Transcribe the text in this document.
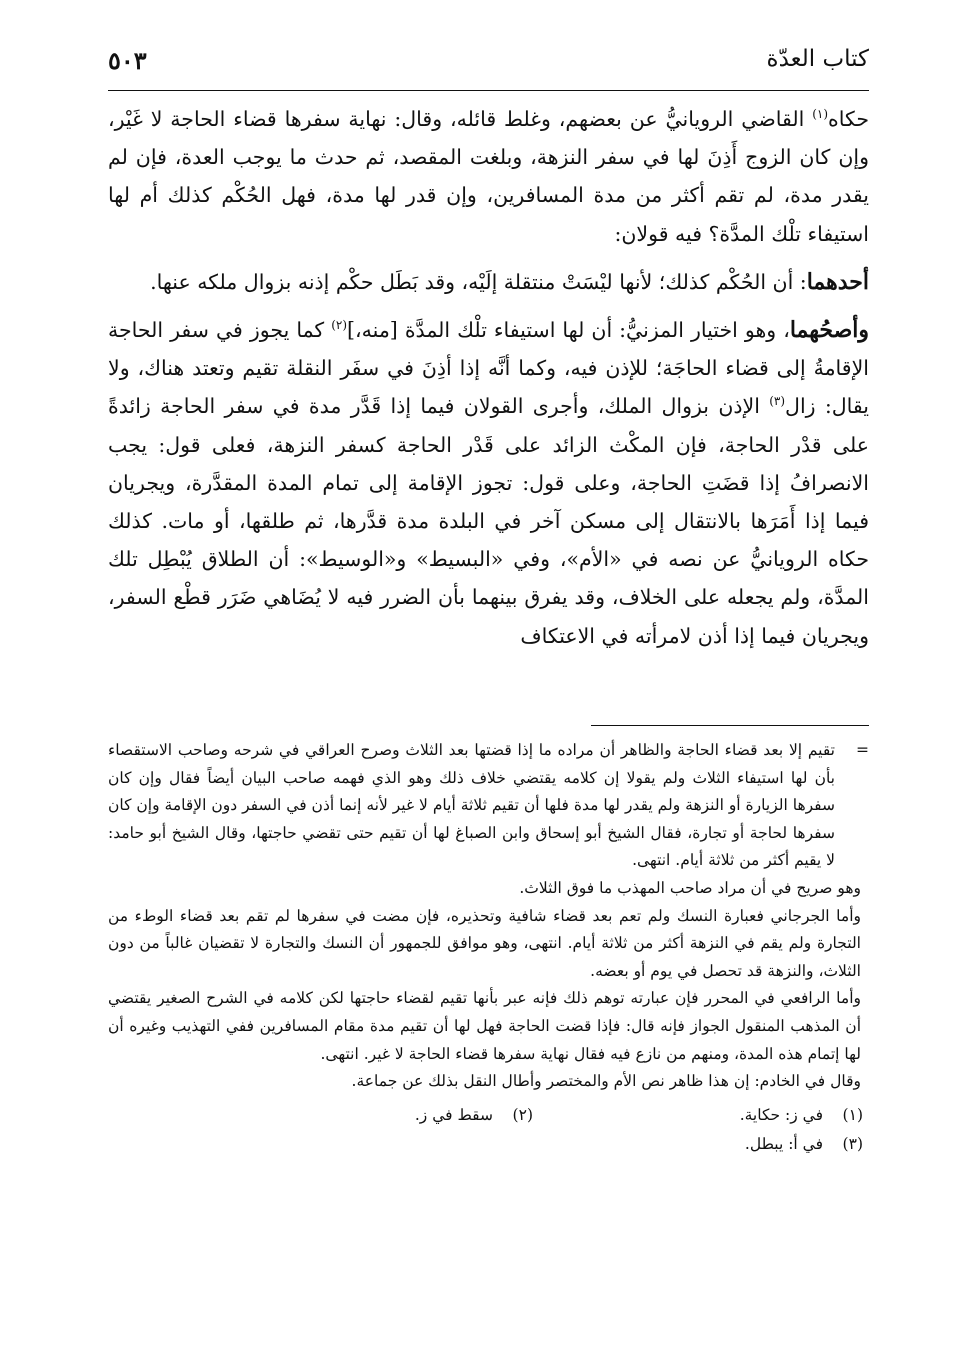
كتاب العدّة
٥٠٣

حكاه$^{(١)}$ القاضي الرويانيُّ عن بعضهم، وغلط قائله، وقال: نهاية سفرها قضاء الحاجة لا غَيْر، وإن كان الزوج أَذِنَ لها في سفر النزهة، وبلغت المقصد، ثم حدث ما يوجب العدة، فإن لم يقدر مدة، لم تقم أكثر من مدة المسافرين، وإن قدر لها مدة، فهل الحُكْم كذلك أم لها استيفاء تلْك المدَّة؟ فيه قولان:

أحدهما: أن الحُكْم كذلك؛ لأنها ليْسَتْ منتقلة إلَيْه، وقد بَطَل حكْم إذنه بزوال ملكه عنها.

وأصحُهما، وهو اختيار المزنيُّ: أن لها استيفاء تلْك المدَّة [منه،]$^{(٢)}$ كما يجوز في سفر الحاجة الإقامةُ إلى قضاء الحاجَة؛ للإذن فيه، وكما أنَّه إذا أذِنَ في سفَر النقلة تقيم وتعتد هناك، ولا يقال: زال$^{(٣)}$ الإذن بزوال الملك، وأجرى القولان فيما إذا قَدَّر مدة في سفر الحاجة زائدةً على قدْر الحاجة، فإن المكْث الزائد على قَدْر الحاجة كسفر النزهة، فعلى قول: يجب الانصرافُ إذا قضَتِ الحاجة، وعلى قول: تجوز الإقامة إلى تمام المدة المقدَّرة، ويجريان فيما إذا أَمَرَها بالانتقال إلى مسكن آخر في البلدة مدة قدَّرها، ثم طلقها، أو مات. كذلك حكاه الرويانيُّ عن نصه في «الأم»، وفي «البسيط» و«الوسيط»: أن الطلاق يُبْطِل تلك المدَّة، ولم يجعله على الخلاف، وقد يفرق بينهما بأن الضرر فيه لا يُضَاهي ضَرَر قطْع السفر، ويجريان فيما إذا أذن لامرأته في الاعتكاف

=
تقيم إلا بعد قضاء الحاجة والظاهر أن مراده ما إذا قضتها بعد الثلاث وصرح العراقي في شرحه وصاحب الاستقصاء بأن لها استيفاء الثلاث ولم يقولا إن كلامه يقتضي خلاف ذلك وهو الذي فهمه صاحب البيان أيضاً فقال وإن كان سفرها الزيارة أو النزهة ولم يقدر لها مدة فلها أن تقيم ثلاثة أيام لا غير لأنه إنما أذن في السفر دون الإقامة وإن كان سفرها لحاجة أو تجارة، فقال الشيخ أبو إسحاق وابن الصباغ لها أن تقيم حتى تقضي حاجتها، وقال الشيخ أبو حامد: لا يقيم أكثر من ثلاثة أيام. انتهى.

وهو صريح في أن مراد صاحب المهذب ما فوق الثلاث.

وأما الجرجاني فعبارة النسك ولم تعم بعد قضاء شافية وتحذيره، فإن مضت في سفرها لم تقم بعد قضاء الوطء من التجارة ولم يقم في النزهة أكثر من ثلاثة أيام. انتهى، وهو موافق للجمهور أن النسك والتجارة لا تقضيان غالباً من دون الثلاث، والنزهة قد تحصل في يوم أو بعضه.

وأما الرافعي في المحرر فإن عبارته توهم ذلك فإنه عبر بأنها تقيم لقضاء حاجتها لكن كلامه في الشرح الصغير يقتضي أن المذهب المنقول الجواز فإنه قال: فإذا قضت الحاجة فهل لها أن تقيم مدة مقام المسافرين ففي التهذيب وغيره أن لها إتمام هذه المدة، ومنهم من نازع فيه فقال نهاية سفرها قضاء الحاجة لا غير. انتهى.

وقال في الخادم: إن هذا ظاهر نص الأم والمختصر وأطال النقل بذلك عن جماعة.

(١)
في ز: حكاية.
(٢)
سقط في ز.
(٣)
في أ: يبطل.
